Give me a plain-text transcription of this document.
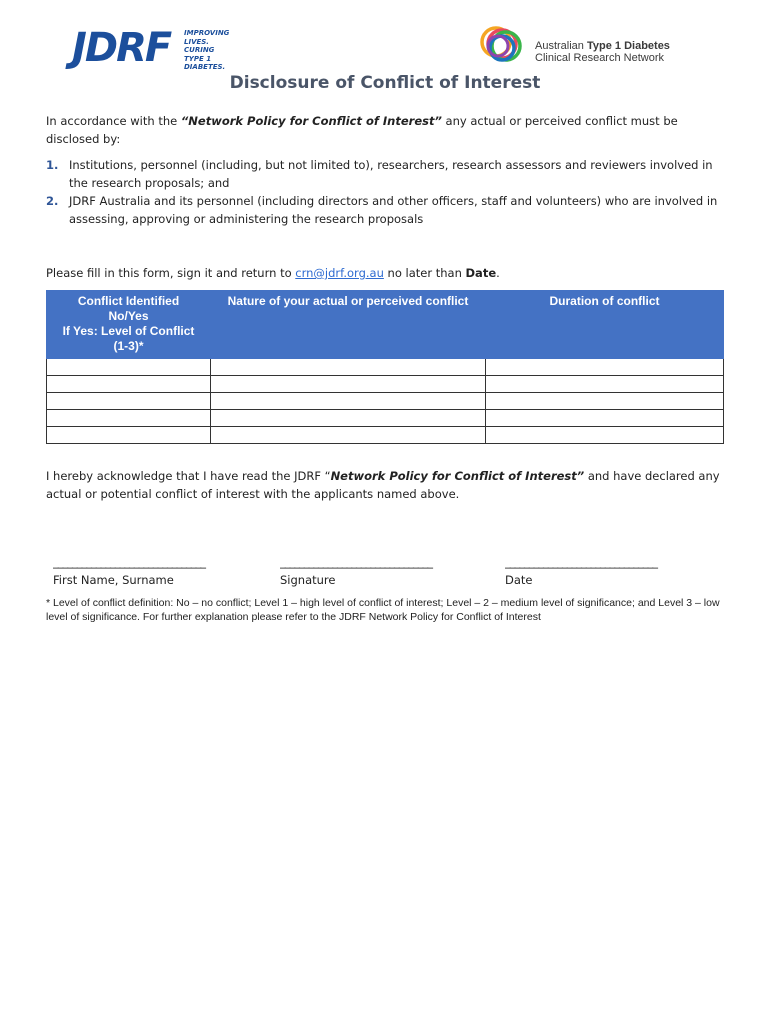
JDRF IMPROVING
LIVES.
CURING
TYPE 1
DIABETES.
Australian Type 1 Diabetes
Clinical Research Network
Disclosure of Conflict of Interest
In accordance with the “Network Policy for Conflict of Interest” any actual or perceived conflict must be disclosed by:
1. Institutions, personnel (including, but not limited to), researchers, research assessors and reviewers involved in the research proposals; and
2. JDRF Australia and its personnel (including directors and other officers, staff and volunteers) who are involved in assessing, approving or administering the research proposals
Please fill in this form, sign it and return to crn@jdrf.org.au no later than Date.
Conflict Identified
No/Yes
If Yes: Level of Conflict
(1-3)*	Nature of your actual or perceived conflict	Duration of conflict

I hereby acknowledge that I have read the JDRF “Network Policy for Conflict of Interest” and have declared any actual or potential conflict of interest with the applicants named above.
________________________________
First Name, Surname
________________________________
Signature
________________________________
Date
* Level of conflict definition: No – no conflict; Level 1 – high level of conflict of interest; Level – 2 – medium level of significance; and Level 3 – low level of significance. For further explanation please refer to the JDRF Network Policy for Conflict of Interest
